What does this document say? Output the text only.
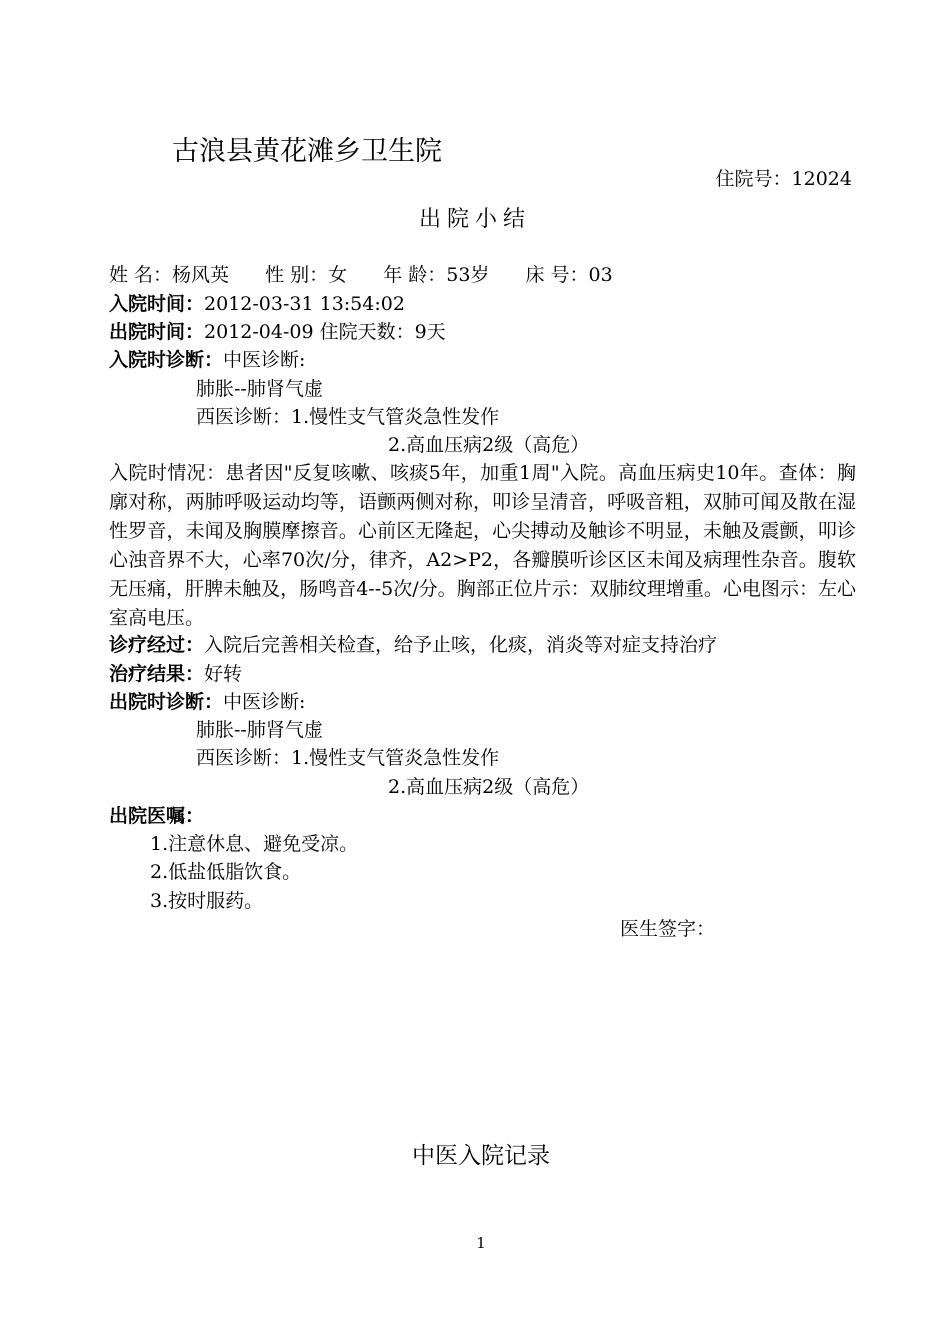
古浪县黄花滩乡卫生院
住院号：12024
出院小结
姓 名：杨风英 性 别：女 年 龄：53岁 床 号：03
入院时间：2012-03-31 13:54:02
出院时间：2012-04-09 住院天数：9天
入院时诊断：中医诊断:
肺胀--肺肾气虚
西医诊断：1.慢性支气管炎急性发作
2.高血压病2级（高危）
入院时情况：患者因"反复咳嗽、咳痰5年，加重1周"入院。高血压病史10年。查体：胸廓对称，两肺呼吸运动均等，语颤两侧对称，叩诊呈清音，呼吸音粗，双肺可闻及散在湿性罗音，未闻及胸膜摩擦音。心前区无隆起，心尖搏动及触诊不明显，未触及震颤，叩诊心浊音界不大，心率70次/分，律齐，A2>P2，各瓣膜听诊区区未闻及病理性杂音。腹软无压痛，肝脾未触及，肠鸣音4--5次/分。胸部正位片示：双肺纹理增重。心电图示：左心室高电压。
诊疗经过：入院后完善相关检查，给予止咳，化痰，消炎等对症支持治疗
治疗结果：好转
出院时诊断：中医诊断:
肺胀--肺肾气虚
西医诊断：1.慢性支气管炎急性发作
2.高血压病2级（高危）
出院医嘱：
1.注意休息、避免受凉。
2.低盐低脂饮食。
3.按时服药。
医生签字：
中医入院记录
1
